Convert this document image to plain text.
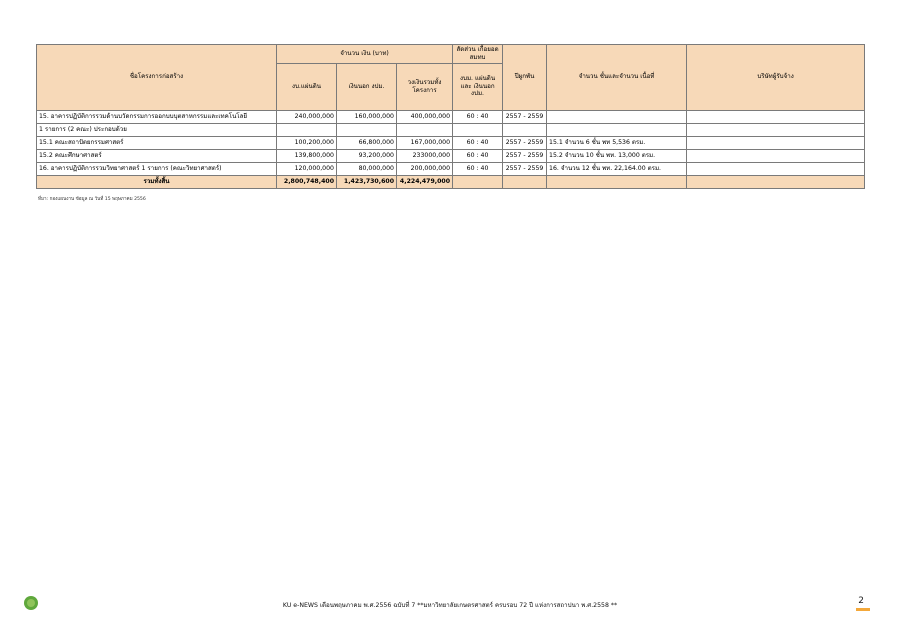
ชื่อโครงการก่อสร้าง	จำนวน เงิน (บาท)			สัดส่วน เกื้อยอดสมทบ	ปีผูกพัน	จำนวน ชั้นและจำนวน เนื้อที่	บริษัทผู้รับจ้าง
	งบ.แผ่นดิน	เงินนอก งปม.	วงเงินรวมทั้ง โครงการ	งบม. แผ่นดินและ เงินนอก งปม.			
15. อาคารปฏิบัติการรวมด้านบวัดกรรมการออกบบบุตสาหกรรมและเทคโนโลยี	240,000,000	160,000,000	400,000,000	60 : 40	2557 - 2559		
1 รายการ (2 คณะ) ประกอบด้วย							
15.1 คณะสถาปัตยกรรมศาสตร์	100,200,000	66,800,000	167,000,000	60 : 40	2557 - 2559	15.1 จำนวน 6 ชั้น พท 5,536 ตรม.	
15.2 คณะศึกษาศาสตร์	139,800,000	93,200,000	233000,000	60 : 40	2557 - 2559	15.2 จำนวน 10 ชั้น พท. 13,000 ตรม.	
16. อาคารปฏิบัติการรวมวิทยาศาสตร์ 1 รายการ (คณะวิทยาศาสตร์)	120,000,000	80,000,000	200,000,000	60 : 40	2557 - 2559	16. จำนวน 12 ชั้น พท. 22,164.00 ตรม.	
รวมทั้งสิ้น	2,800,748,400	1,423,730,600	4,224,479,000				
ที่มา: กองแผนงาน ข้อมูล ณ วันที่ 15 พฤษภาคม 2556
KU e-NEWS เดือนพฤษภาคม พ.ศ.2556 ฉบับที่ 7 **มหาวิทยาลัยเกษตรศาสตร์ ครบรอบ 72 ปี แห่งการสถาปนา พ.ศ.2558 **	2
